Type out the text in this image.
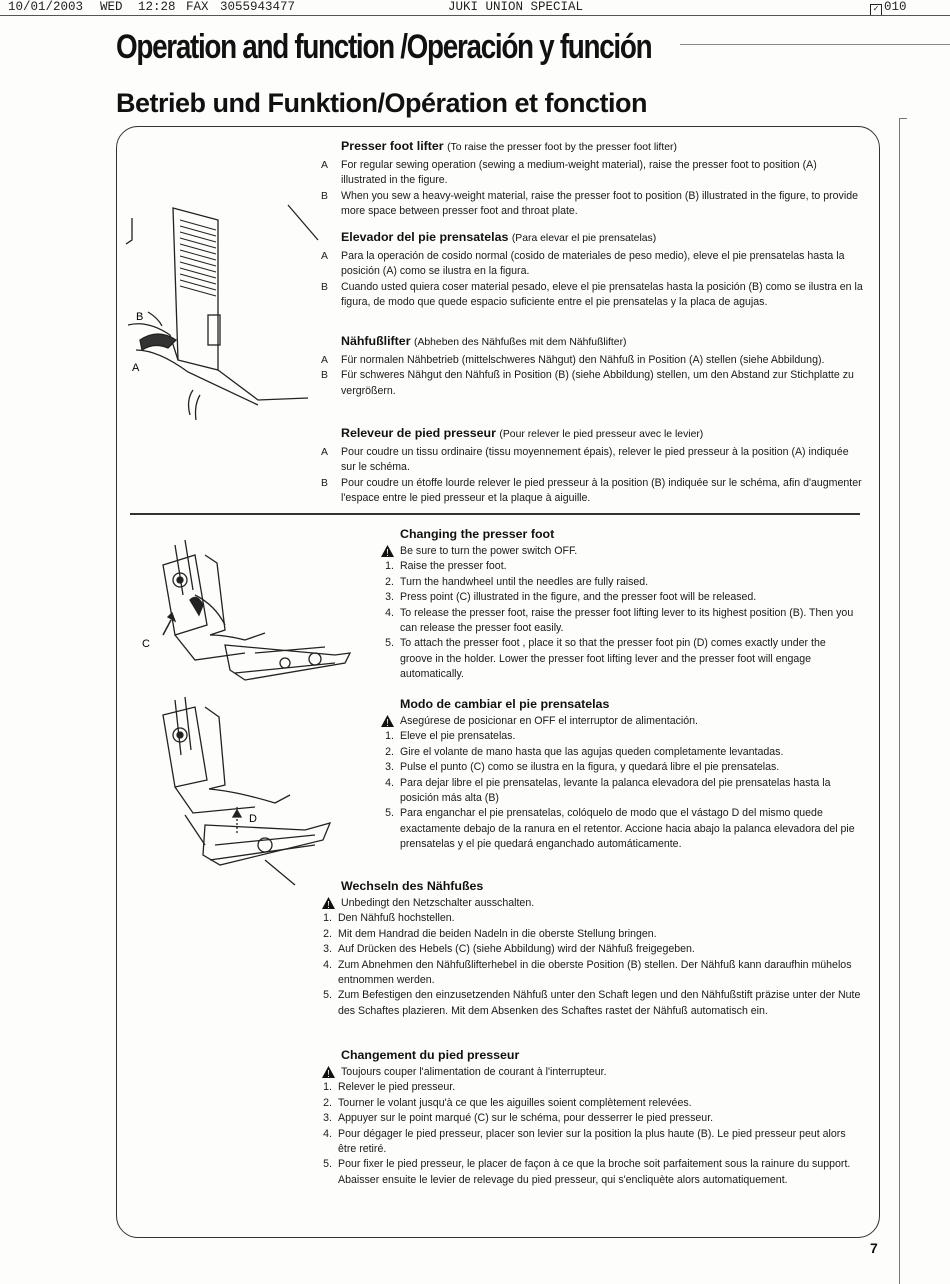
10/01/2003 WED 12:28 FAX 3055943477	JUKI UNION SPECIAL	✓ 010
Operation and function /Operación y función
Betrieb und Funktion/Opération et fonction
B
A
C
D
Presser foot lifter (To raise the presser foot by the presser foot lifter)
A For regular sewing operation (sewing a medium-weight material), raise the presser foot to position (A) illustrated in the figure.
B When you sew a heavy-weight material, raise the presser foot to position (B) illustrated in the figure, to provide more space between presser foot and throat plate.
Elevador del pie prensatelas (Para elevar el pie prensatelas)
A Para la operación de cosido normal (cosido de materiales de peso medio), eleve el pie prensatelas hasta la posición (A) como se ilustra en la figura.
B Cuando usted quiera coser material pesado, eleve el pie prensatelas hasta la posición (B) como se ilustra en la figura, de modo que quede espacio suficiente entre el pie prensatelas y la placa de agujas.
Nähfußlifter (Abheben des Nähfußes mit dem Nähfußlifter)
A Für normalen Nähbetrieb (mittelschweres Nähgut) den Nähfuß in Position (A) stellen (siehe Abbildung).
B Für schweres Nähgut den Nähfuß in Position (B) (siehe Abbildung) stellen, um den Abstand zur Stichplatte zu vergrößern.
Releveur de pied presseur (Pour relever le pied presseur avec le levier)
A Pour coudre un tissu ordinaire (tissu moyennement épais), relever le pied presseur à la position (A) indiquée sur le schéma.
B Pour coudre un étoffe lourde relever le pied presseur à la position (B) indiquée sur le schéma, afin d'augmenter l'espace entre le pied presseur et la plaque à aiguille.
Changing the presser foot
Be sure to turn the power switch OFF.
1. Raise the presser foot.
2. Turn the handwheel until the needles are fully raised.
3. Press point (C) illustrated in the figure, and the presser foot will be released.
4. To release the presser foot, raise the presser foot lifting lever to its highest position (B). Then you can release the presser foot easily.
5. To attach the presser foot , place it so that the presser foot pin (D) comes exactly under the groove in the holder. Lower the presser foot lifting lever and the presser foot will engage automatically.
Modo de cambiar el pie prensatelas
Asegúrese de posicionar en OFF el interruptor de alimentación.
1. Eleve el pie prensatelas.
2. Gire el volante de mano hasta que las agujas queden completamente levantadas.
3. Pulse el punto (C) como se ilustra en la figura, y quedará libre el pie prensatelas.
4. Para dejar libre el pie prensatelas, levante la palanca elevadora del pie prensatelas hasta la posición más alta (B)
5. Para enganchar el pie prensatelas, colóquelo de modo que el vástago D del mismo quede exactamente debajo de la ranura en el retentor. Accione hacia abajo la palanca elevadora del pie prensatelas y el pie quedará enganchado automáticamente.
Wechseln des Nähfußes
Unbedingt den Netzschalter ausschalten.
1. Den Nähfuß hochstellen.
2. Mit dem Handrad die beiden Nadeln in die oberste Stellung bringen.
3. Auf Drücken des Hebels (C) (siehe Abbildung) wird der Nähfuß freigegeben.
4. Zum Abnehmen den Nähfußlifterhebel in die oberste Position (B) stellen. Der Nähfuß kann daraufhin mühelos entnommen werden.
5. Zum Befestigen den einzusetzenden Nähfuß unter den Schaft legen und den Nähfußstift präzise unter der Nute des Schaftes plazieren. Mit dem Absenken des Schaftes rastet der Nähfuß automatisch ein.
Changement du pied presseur
Toujours couper l'alimentation de courant à l'interrupteur.
1. Relever le pied presseur.
2. Tourner le volant jusqu'à ce que les aiguilles soient complètement relevées.
3. Appuyer sur le point marqué (C) sur le schéma, pour desserrer le pied presseur.
4. Pour dégager le pied presseur, placer son levier sur la position la plus haute (B). Le pied presseur peut alors être retiré.
5. Pour fixer le pied presseur, le placer de façon à ce que la broche soit parfaitement sous la rainure du support. Abaisser ensuite le levier de relevage du pied presseur, qui s'encliquète alors automatiquement.
7
